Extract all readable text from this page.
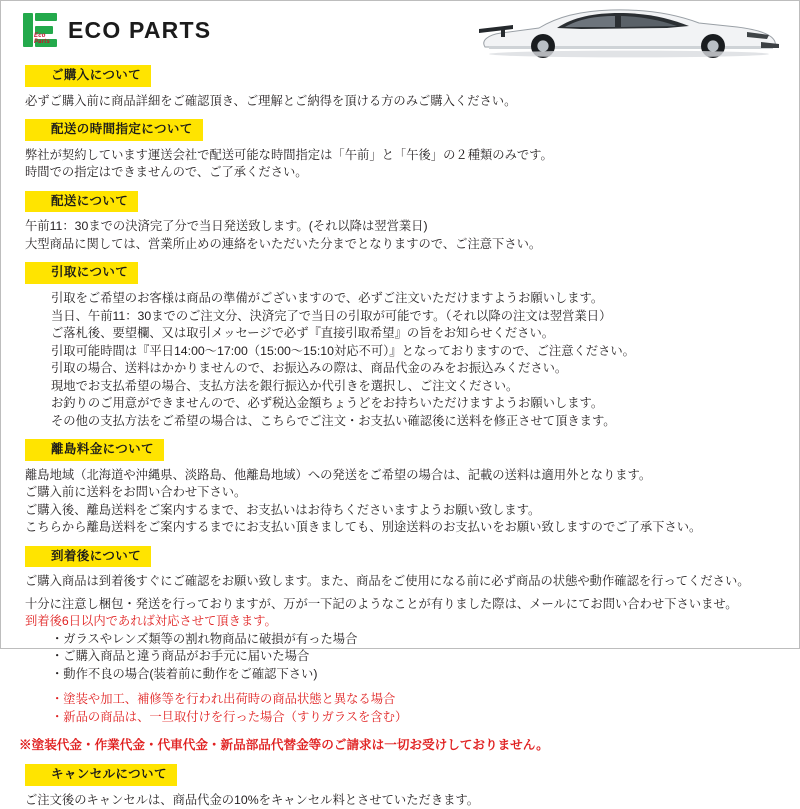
Eco Parts ECO PARTS
ご購入について
必ずご購入前に商品詳細をご確認頂き、ご理解とご納得を頂ける方のみご購入ください。
配送の時間指定について
弊社が契約しています運送会社で配送可能な時間指定は「午前」と「午後」の２種類のみです。
時間での指定はできませんので、ご了承ください。
配送について
午前11：30までの決済完了分で当日発送致します。(それ以降は翌営業日)
大型商品に関しては、営業所止めの連絡をいただいた分までとなりますので、ご注意下さい。
引取について
引取をご希望のお客様は商品の準備がございますので、必ずご注文いただけますようお願いします。
当日、午前11：30までのご注文分、決済完了で当日の引取が可能です。（それ以降の注文は翌営業日）
ご落札後、要望欄、又は取引メッセージで必ず『直接引取希望』の旨をお知らせください。
引取可能時間は『平日14:00〜17:00（15:00〜15:10対応不可）』となっておりますので、ご注意ください。
引取の場合、送料はかかりませんので、お振込みの際は、商品代金のみをお振込みください。
現地でお支払希望の場合、支払方法を銀行振込か代引きを選択し、ご注文ください。
お釣りのご用意ができませんので、必ず税込金額ちょうどをお持ちいただけますようお願いします。
その他の支払方法をご希望の場合は、こちらでご注文・お支払い確認後に送料を修正させて頂きます。
離島料金について
離島地域（北海道や沖縄県、淡路島、他離島地域）への発送をご希望の場合は、記載の送料は適用外となります。
ご購入前に送料をお問い合わせ下さい。
ご購入後、離島送料をご案内するまで、お支払いはお待ちくださいますようお願い致します。
こちらから離島送料をご案内するまでにお支払い頂きましても、別途送料のお支払いをお願い致しますのでご了承下さい。
到着後について
ご購入商品は到着後すぐにご確認をお願い致します。また、商品をご使用になる前に必ず商品の状態や動作確認を行ってください。
十分に注意し梱包・発送を行っておりますが、万が一下記のようなことが有りました際は、メールにてお問い合わせ下さいませ。
到着後6日以内であれば対応させて頂きます。
・ガラスやレンズ類等の割れ物商品に破損が有った場合
・ご購入商品と違う商品がお手元に届いた場合
・動作不良の場合(装着前に動作をご確認下さい)
・塗装や加工、補修等を行われ出荷時の商品状態と異なる場合
・新品の商品は、一旦取付けを行った場合（すりガラスを含む）
※塗装代金・作業代金・代車代金・新品部品代替金等のご請求は一切お受けしておりません。
キャンセルについて
ご注文後のキャンセルは、商品代金の10%をキャンセル料とさせていただきます。
